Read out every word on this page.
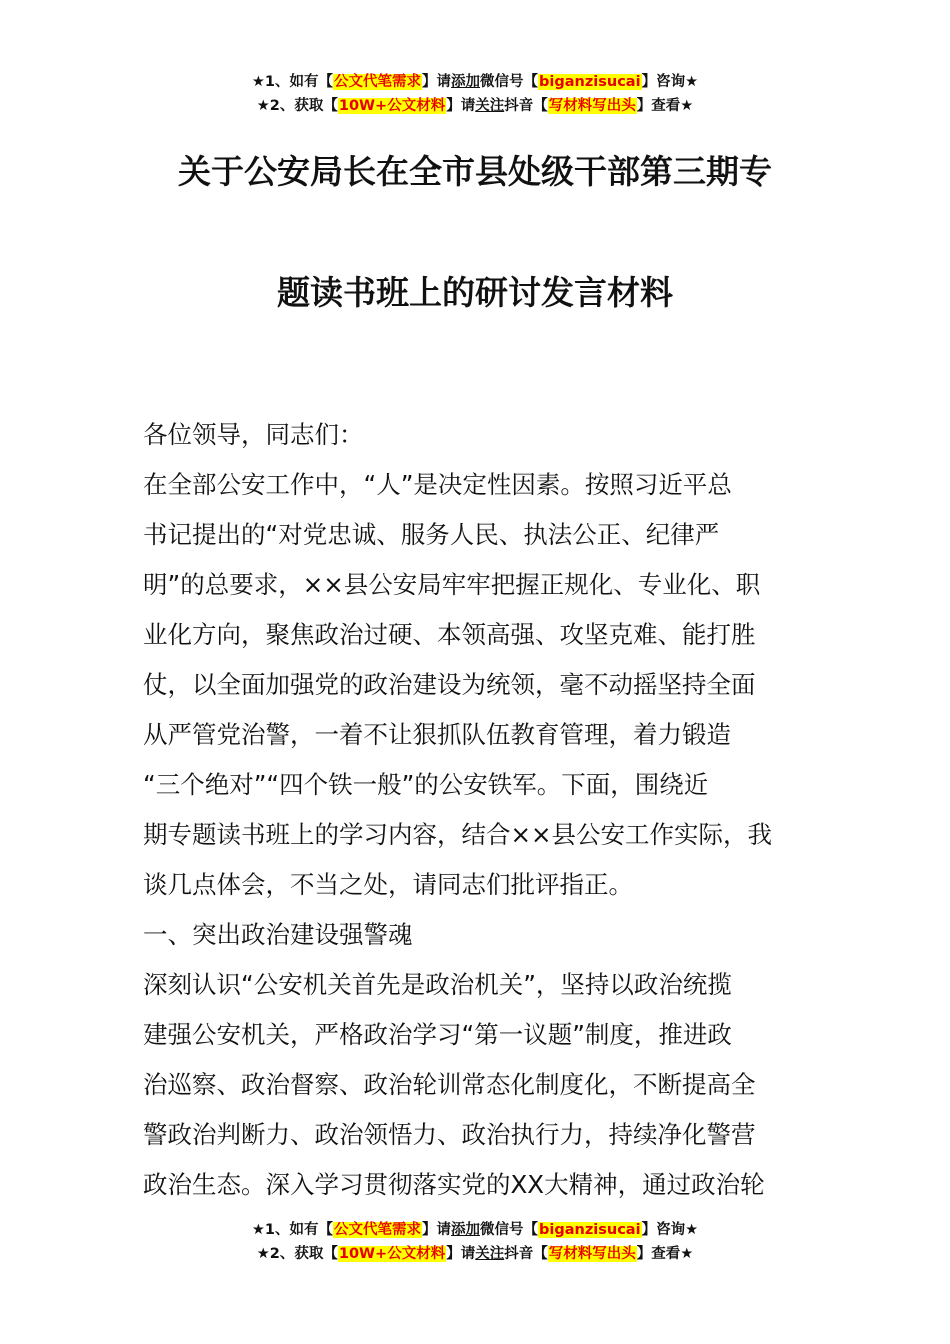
★1、如有【公文代笔需求】请添加微信号【biganzisucai】咨询★
★2、获取【10W+公文材料】请关注抖音【写材料写出头】查看★
关于公安局长在全市县处级干部第三期专
题读书班上的研讨发言材料
各位领导，同志们：
在全部公安工作中，“人”是决定性因素。按照习近平总
书记提出的“对党忠诚、服务人民、执法公正、纪律严
明”的总要求，××县公安局牢牢把握正规化、专业化、职
业化方向，聚焦政治过硬、本领高强、攻坚克难、能打胜
仗，以全面加强党的政治建设为统领，毫不动摇坚持全面
从严管党治警，一着不让狠抓队伍教育管理，着力锻造
“三个绝对”“四个铁一般”的公安铁军。下面，围绕近
期专题读书班上的学习内容，结合××县公安工作实际，我
谈几点体会，不当之处，请同志们批评指正。
一、突出政治建设强警魂
深刻认识“公安机关首先是政治机关”，坚持以政治统揽
建强公安机关，严格政治学习“第一议题”制度，推进政
治巡察、政治督察、政治轮训常态化制度化，不断提高全
警政治判断力、政治领悟力、政治执行力，持续净化警营
政治生态。深入学习贯彻落实党的XX大精神，通过政治轮
★1、如有【公文代笔需求】请添加微信号【biganzisucai】咨询★
★2、获取【10W+公文材料】请关注抖音【写材料写出头】查看★
